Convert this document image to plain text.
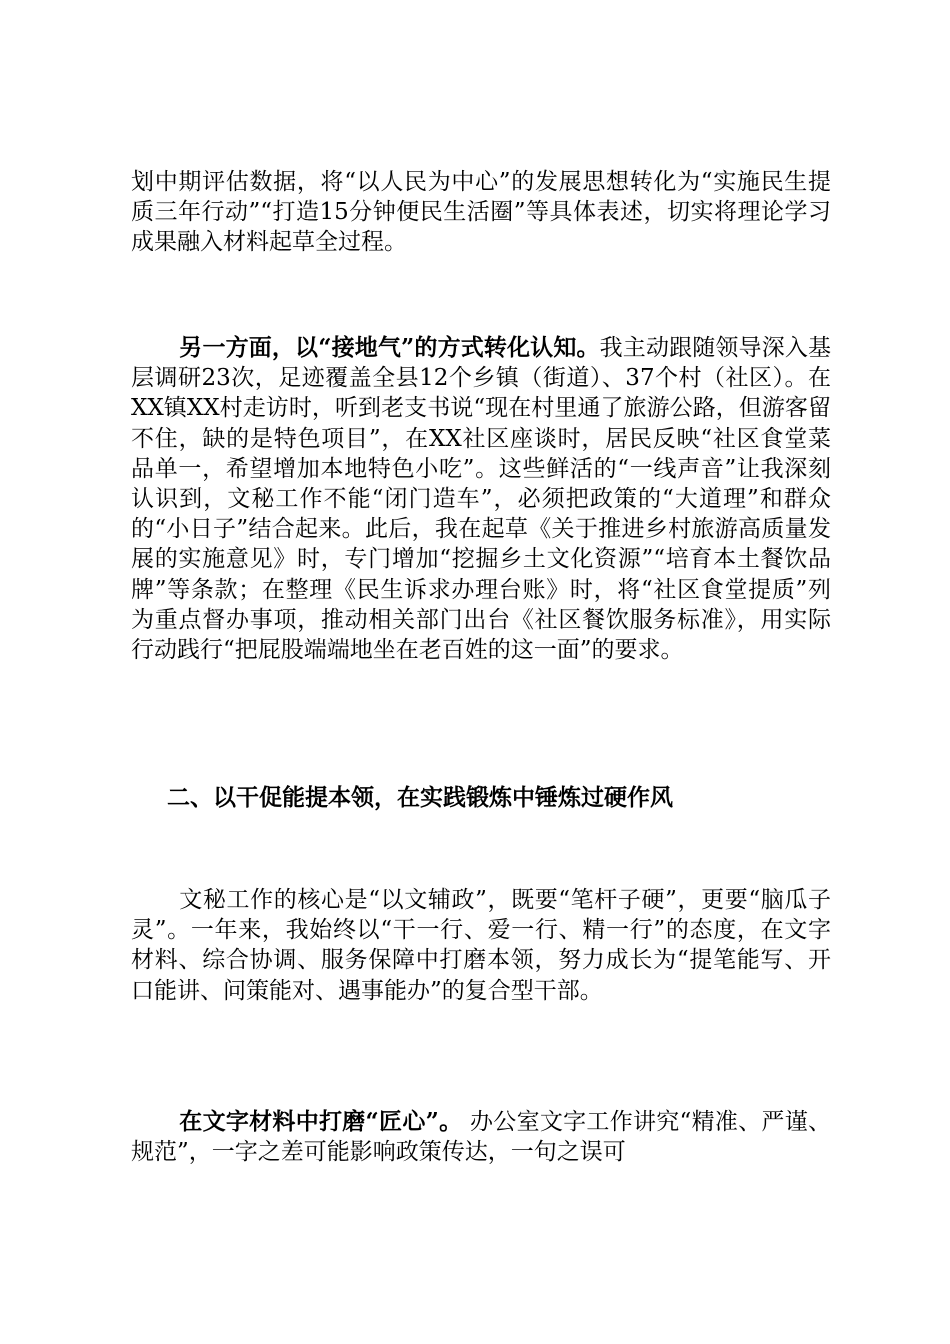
划中期评估数据，将“以人民为中心”的发展思想转化为“实施民生提质三年行动”“打造15分钟便民生活圈”等具体表述，切实将理论学习成果融入材料起草全过程。

另一方面，以“接地气”的方式转化认知。我主动跟随领导深入基层调研23次，足迹覆盖全县12个乡镇（街道）、37个村（社区）。在XX镇XX村走访时，听到老支书说“现在村里通了旅游公路，但游客留不住，缺的是特色项目”，在XX社区座谈时，居民反映“社区食堂菜品单一，希望增加本地特色小吃”。这些鲜活的“一线声音”让我深刻认识到，文秘工作不能“闭门造车”，必须把政策的“大道理”和群众的“小日子”结合起来。此后，我在起草《关于推进乡村旅游高质量发展的实施意见》时，专门增加“挖掘乡土文化资源”“培育本土餐饮品牌”等条款；在整理《民生诉求办理台账》时，将“社区食堂提质”列为重点督办事项，推动相关部门出台《社区餐饮服务标准》，用实际行动践行“把屁股端端地坐在老百姓的这一面”的要求。

二、以干促能提本领，在实践锻炼中锤炼过硬作风

文秘工作的核心是“以文辅政”，既要“笔杆子硬”，更要“脑瓜子灵”。一年来，我始终以“干一行、爱一行、精一行”的态度，在文字材料、综合协调、服务保障中打磨本领，努力成长为“提笔能写、开口能讲、问策能对、遇事能办”的复合型干部。

在文字材料中打磨“匠心”。 办公室文字工作讲究“精准、严谨、规范”，一字之差可能影响政策传达，一句之误可
